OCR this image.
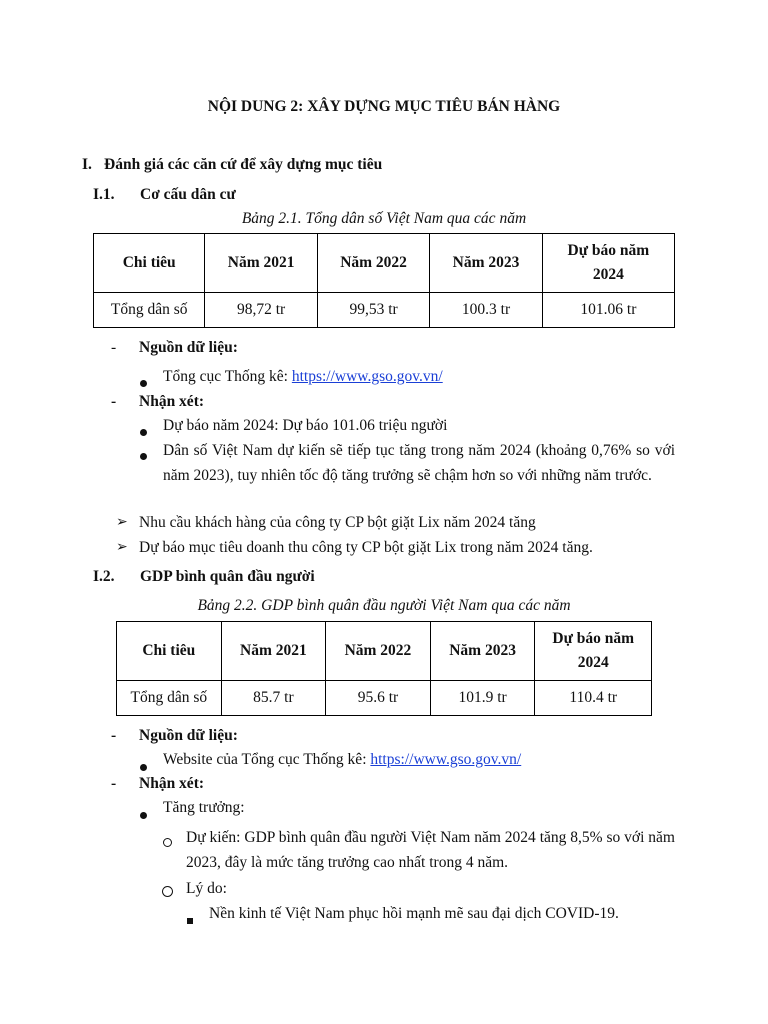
NỘI DUNG 2: XÂY DỰNG MỤC TIÊU BÁN HÀNG
I. Đánh giá các căn cứ để xây dựng mục tiêu
I.1. Cơ cấu dân cư
Bảng 2.1. Tổng dân số Việt Nam qua các năm
Chi tiêu	Năm 2021	Năm 2022	Năm 2023	Dự báo năm 2024
Tổng dân số	98,72 tr	99,53 tr	100.3 tr	101.06 tr
- Nguồn dữ liệu:
Tổng cục Thống kê: https://www.gso.gov.vn/
- Nhận xét:
Dự báo năm 2024: Dự báo 101.06 triệu người
Dân số Việt Nam dự kiến sẽ tiếp tục tăng trong năm 2024 (khoảng 0,76% so với năm 2023), tuy nhiên tốc độ tăng trưởng sẽ chậm hơn so với những năm trước.
➢ Nhu cầu khách hàng của công ty CP bột giặt Lix năm 2024 tăng
➢ Dự báo mục tiêu doanh thu công ty CP bột giặt Lix trong năm 2024 tăng.
I.2. GDP bình quân đầu người
Bảng 2.2. GDP bình quân đầu người Việt Nam qua các năm
Chi tiêu	Năm 2021	Năm 2022	Năm 2023	Dự báo năm 2024
Tổng dân số	85.7 tr	95.6 tr	101.9 tr	110.4 tr
- Nguồn dữ liệu:
Website của Tổng cục Thống kê: https://www.gso.gov.vn/
- Nhận xét:
Tăng trưởng:
Dự kiến: GDP bình quân đầu người Việt Nam năm 2024 tăng 8,5% so với năm 2023, đây là mức tăng trưởng cao nhất trong 4 năm.
Lý do:
Nền kinh tế Việt Nam phục hồi mạnh mẽ sau đại dịch COVID-19.
